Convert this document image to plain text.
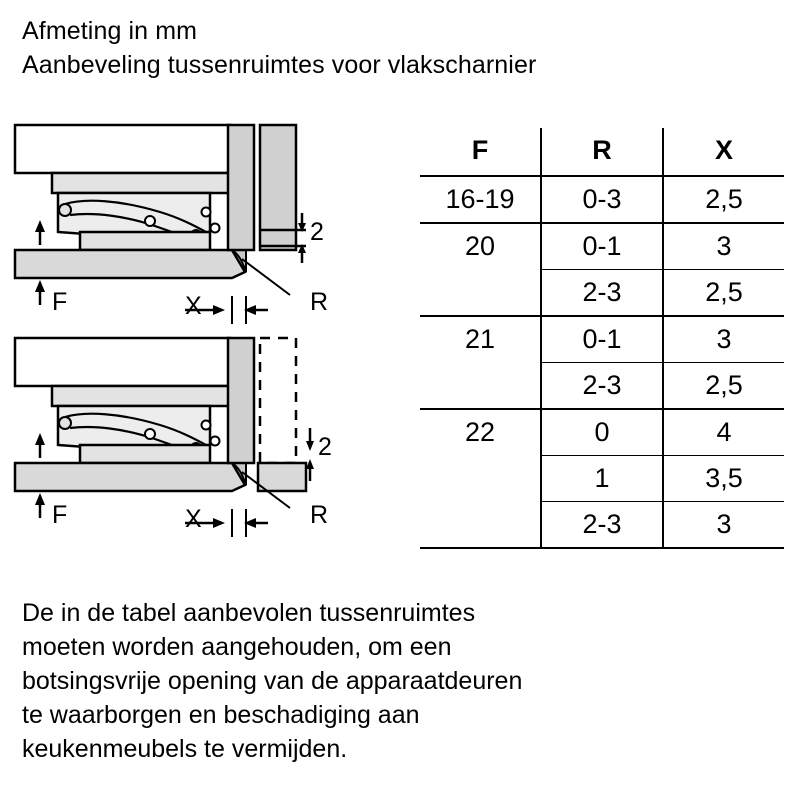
Afmeting in mm
Aanbeveling tussenruimtes voor vlakscharnier
2
F	X	R
2
F	X	R
F	R	X
16-19	0-3	2,5
20	0-1	3
	2-3	2,5
21	0-1	3
	2-3	2,5
22	0	4
	1	3,5
	2-3	3
De in de tabel aanbevolen tussenruimtes
moeten worden aangehouden, om een
botsingsvrije opening van de apparaatdeuren
te waarborgen en beschadiging aan
keukenmeubels te vermijden.
